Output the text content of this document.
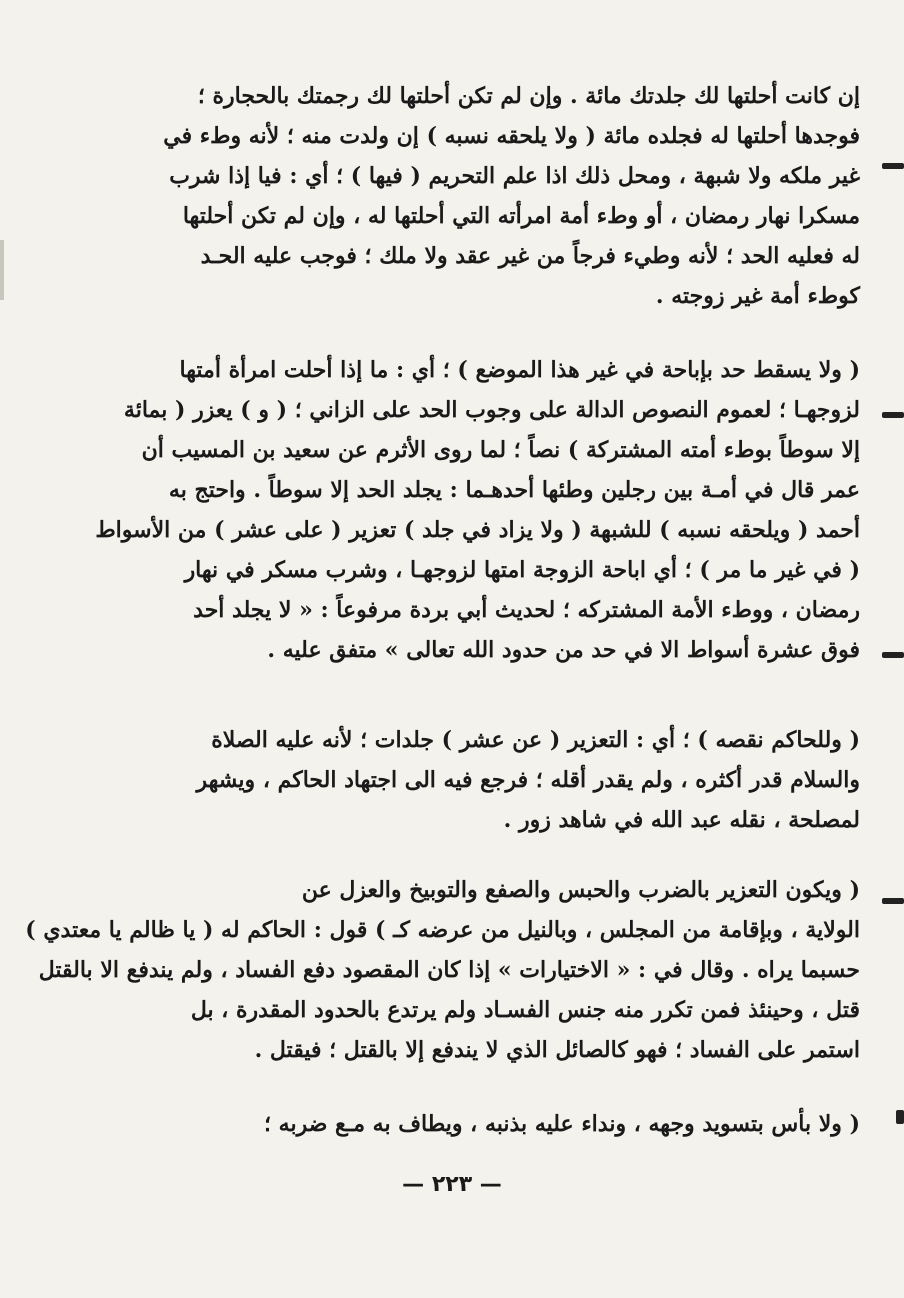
إن كانت أحلتها لك جلدتك مائة . وإن لم تكن أحلتها لك رجمتك بالحجارة ؛
فوجدها أحلتها له فجلده مائة ( ولا يلحقه نسبه ) إن ولدت منه ؛ لأنه وطء في
غير ملكه ولا شبهة ، ومحل ذلك اذا علم التحريم ( فيها ) ؛ أي : فيا إذا شرب
مسكرا نهار رمضان ، أو وطء أمة امرأته التي أحلتها له ، وإن لم تكن أحلتها
له فعليه الحد ؛ لأنه وطيء فرجاً من غير عقد ولا ملك ؛ فوجب عليه الحـد
كوطء أمة غير زوجته .
( ولا يسقط حد بإباحة في غير هذا الموضع ) ؛ أي : ما إذا أحلت امرأة أمتها
لزوجهـا ؛ لعموم النصوص الدالة على وجوب الحد على الزاني ؛ ( و ) يعزر ( بمائة
إلا سوطاً بوطء أمته المشتركة ) نصاً ؛ لما روى الأثرم عن سعيد بن المسيب أن
عمر قال في أمـة بين رجلين وطئها أحدهـما : يجلد الحد إلا سوطاً . واحتج به
أحمد ( ويلحقه نسبه ) للشبهة ( ولا يزاد في جلد ) تعزير ( على عشر ) من الأسواط
( في غير ما مر ) ؛ أي اباحة الزوجة امتها لزوجهـا ، وشرب مسكر في نهار
رمضان ، ووطء الأمة المشتركه ؛ لحديث أبي بردة مرفوعاً : « لا يجلد أحد
فوق عشرة أسواط الا في حد من حدود الله تعالى » متفق عليه .
( وللحاكم نقصه ) ؛ أي : التعزير ( عن عشر ) جلدات ؛ لأنه عليه الصلاة
والسلام قدر أكثره ، ولم يقدر أقله ؛ فرجع فيه الى اجتهاد الحاكم ، ويشهر
لمصلحة ، نقله عبد الله في شاهد زور .
( ويكون التعزير بالضرب والحبس والصفع والتوبيخ والعزل عن
الولاية ، وبإقامة من المجلس ، وبالنيل من عرضه كـ ) قول : الحاكم له ( يا ظالم يا معتدي )
حسبما يراه . وقال في : « الاختيارات » إذا كان المقصود دفع الفساد ، ولم يندفع الا بالقتل
قتل ، وحينئذ فمن تكرر منه جنس الفسـاد ولم يرتدع بالحدود المقدرة ، بل
استمر على الفساد ؛ فهو كالصائل الذي لا يندفع إلا بالقتل ؛ فيقتل .
( ولا بأس بتسويد وجهه ، ونداء عليه بذنبه ، ويطاف به مـع ضربه ؛
— ٢٢٣ —
